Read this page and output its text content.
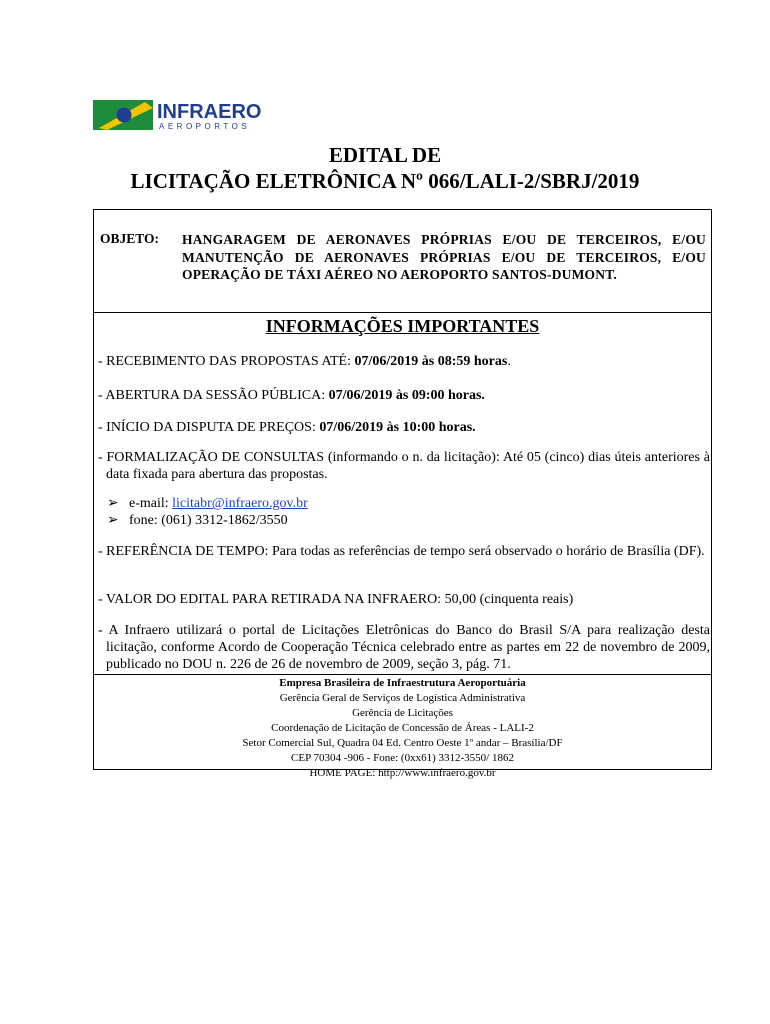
INFRAERO
AEROPORTOS
EDITAL DE
LICITAÇÃO ELETRÔNICA Nº 066/LALI-2/SBRJ/2019
OBJETO: HANGARAGEM DE AERONAVES PRÓPRIAS E/OU DE TERCEIROS, E/OU MANUTENÇÃO DE AERONAVES PRÓPRIAS E/OU DE TERCEIROS, E/OU OPERAÇÃO DE TÁXI AÉREO NO AEROPORTO SANTOS-DUMONT.
INFORMAÇÕES IMPORTANTES
- RECEBIMENTO DAS PROPOSTAS ATÉ: 07/06/2019 às 08:59 horas.
- ABERTURA DA SESSÃO PÚBLICA: 07/06/2019 às 09:00 horas.
- INÍCIO DA DISPUTA DE PREÇOS: 07/06/2019 às 10:00 horas.
- FORMALIZAÇÃO DE CONSULTAS (informando o n. da licitação): Até 05 (cinco) dias úteis anteriores à data fixada para abertura das propostas.
➢ e-mail: licitabr@infraero.gov.br
➢ fone: (061) 3312-1862/3550
- REFERÊNCIA DE TEMPO: Para todas as referências de tempo será observado o horário de Brasília (DF).
- VALOR DO EDITAL PARA RETIRADA NA INFRAERO: 50,00 (cinquenta reais)
- A Infraero utilizará o portal de Licitações Eletrônicas do Banco do Brasil S/A para realização desta licitação, conforme Acordo de Cooperação Técnica celebrado entre as partes em 22 de novembro de 2009, publicado no DOU n. 226 de 26 de novembro de 2009, seção 3, pág. 71.
Empresa Brasileira de Infraestrutura Aeroportuária
Gerência Geral de Serviços de Logística Administrativa
Gerência de Licitações
Coordenação de Licitação de Concessão de Áreas - LALI-2
Setor Comercial Sul, Quadra 04 Ed. Centro Oeste 1º andar – Brasília/DF
CEP 70304 -906 - Fone: (0xx61) 3312-3550/ 1862
HOME PAGE: http://www.infraero.gov.br
